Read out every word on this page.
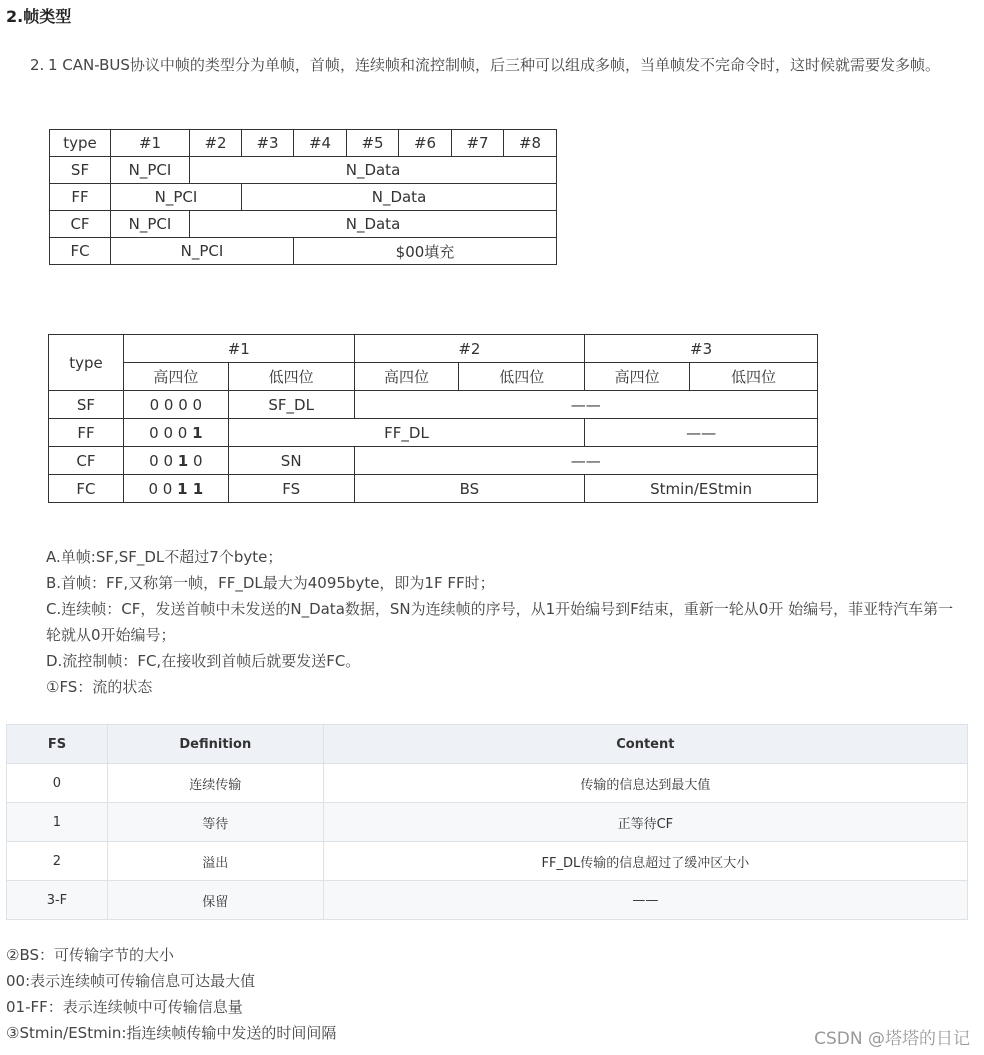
2.帧类型

2. 1 CAN-BUS协议中帧的类型分为单帧，首帧，连续帧和流控制帧，后三种可以组成多帧，当单帧发不完命令时，这时候就需要发多帧。

type	#1	#2	#3	#4	#5	#6	#7	#8
SF	N_PCI	N_Data						
FF	N_PCI		N_Data					
CF	N_PCI	N_Data						
FC	N_PCI			$00填充				
type	#1		#2		#3	
	高四位	低四位	高四位	低四位	高四位	低四位
SF	0 0 0 0	SF_DL	——			
FF	0 0 0 1	FF_DL			——	
CF	0 0 1 0	SN	——			
FC	0 0 1 1	FS	BS		Stmin/EStmin	
A.单帧:SF,SF_DL不超过7个byte；
B.首帧：FF,又称第一帧，FF_DL最大为4095byte，即为1F FF时；
C.连续帧：CF，发送首帧中未发送的N_Data数据，SN为连续帧的序号，从1开始编号到F结束，重新一轮从0开 始编号，菲亚特汽车第一轮就从0开始编号；
D.流控制帧：FC,在接收到首帧后就要发送FC。
①FS：流的状态
FS	Definition	Content
0	连续传输	传输的信息达到最大值
1	等待	正等待CF
2	溢出	FF_DL传输的信息超过了缓冲区大小
3-F	保留	——
②BS：可传输字节的大小
00:表示连续帧可传输信息可达最大值
01-FF：表示连续帧中可传输信息量
③Stmin/EStmin:指连续帧传输中发送的时间间隔	CSDN @塔塔的日记
